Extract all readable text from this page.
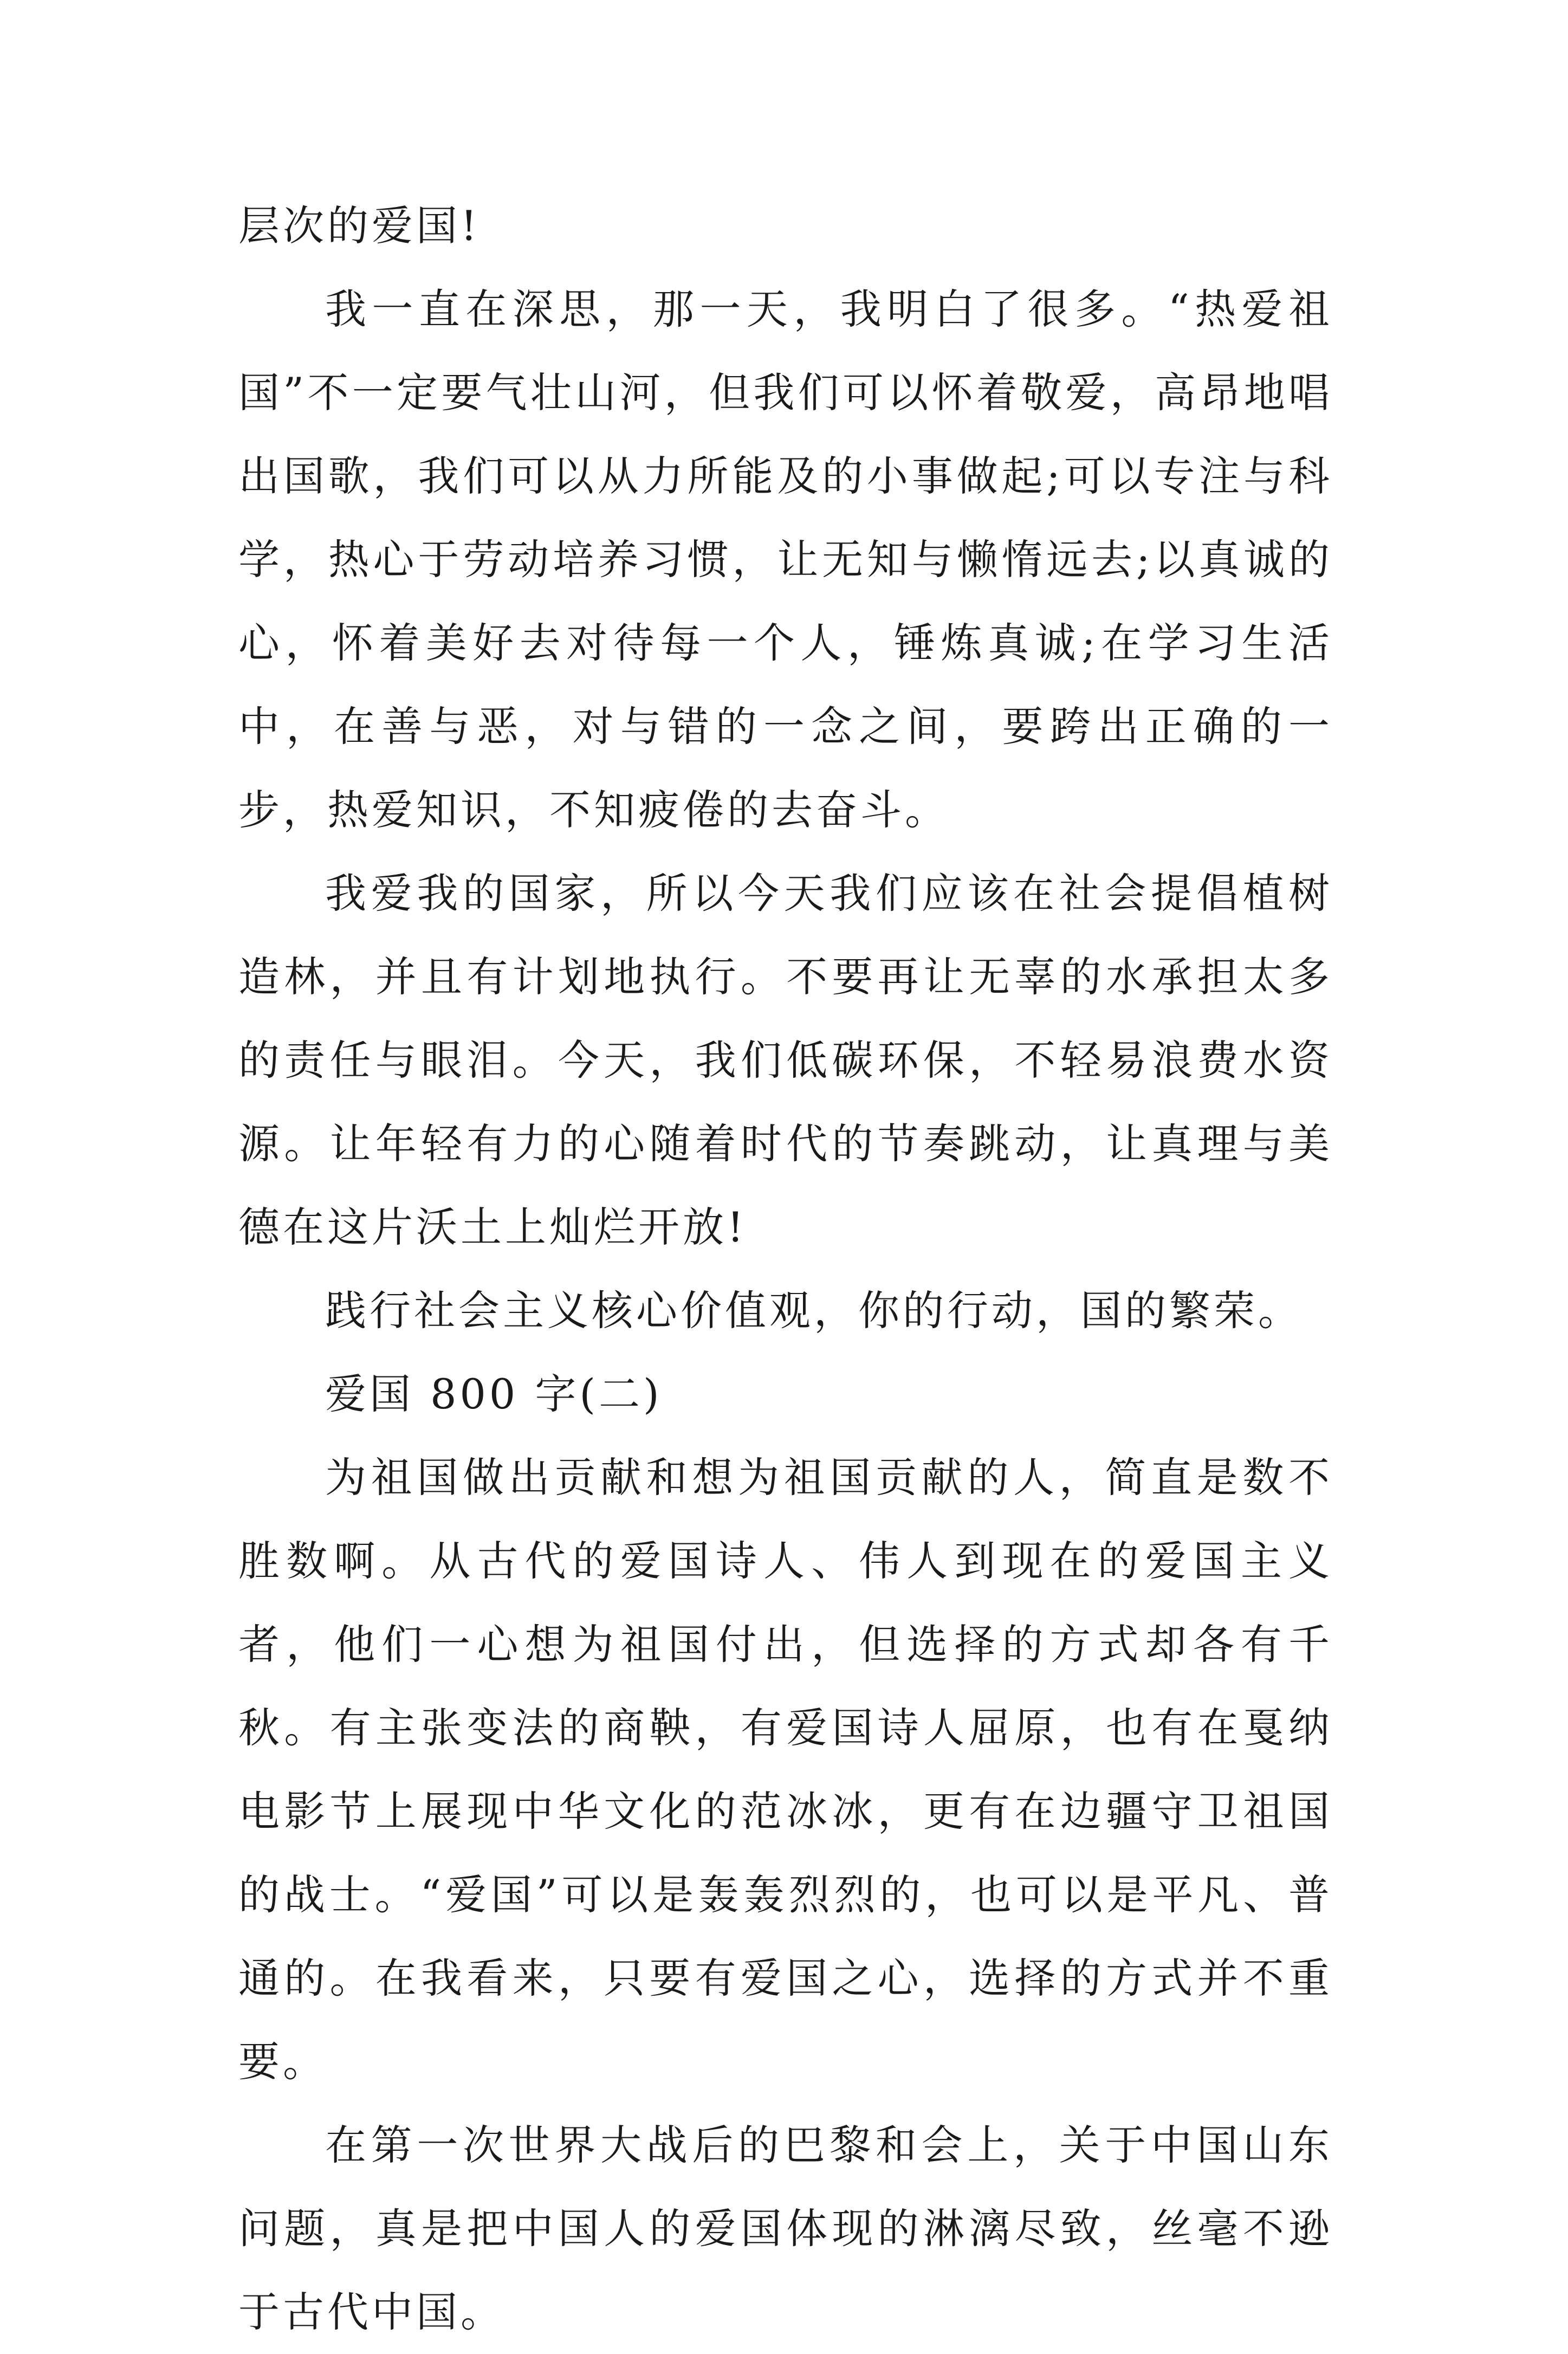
层次的爱国!

我一直在深思，那一天，我明白了很多。“热爱祖国”不一定要气壮山河，但我们可以怀着敬爱，高昂地唱出国歌，我们可以从力所能及的小事做起;可以专注与科学，热心于劳动培养习惯，让无知与懒惰远去;以真诚的心，怀着美好去对待每一个人，锤炼真诚;在学习生活中，在善与恶，对与错的一念之间，要跨出正确的一步，热爱知识，不知疲倦的去奋斗。

我爱我的国家，所以今天我们应该在社会提倡植树造林，并且有计划地执行。不要再让无辜的水承担太多的责任与眼泪。今天，我们低碳环保，不轻易浪费水资源。让年轻有力的心随着时代的节奏跳动，让真理与美德在这片沃土上灿烂开放!

践行社会主义核心价值观，你的行动，国的繁荣。

爱国 800 字(二)

为祖国做出贡献和想为祖国贡献的人，简直是数不胜数啊。从古代的爱国诗人、伟人到现在的爱国主义者，他们一心想为祖国付出，但选择的方式却各有千秋。有主张变法的商鞅，有爱国诗人屈原，也有在戛纳电影节上展现中华文化的范冰冰，更有在边疆守卫祖国的战士。“爱国”可以是轰轰烈烈的，也可以是平凡、普通的。在我看来，只要有爱国之心，选择的方式并不重要。

在第一次世界大战后的巴黎和会上，关于中国山东问题，真是把中国人的爱国体现的淋漓尽致，丝毫不逊于古代中国。
